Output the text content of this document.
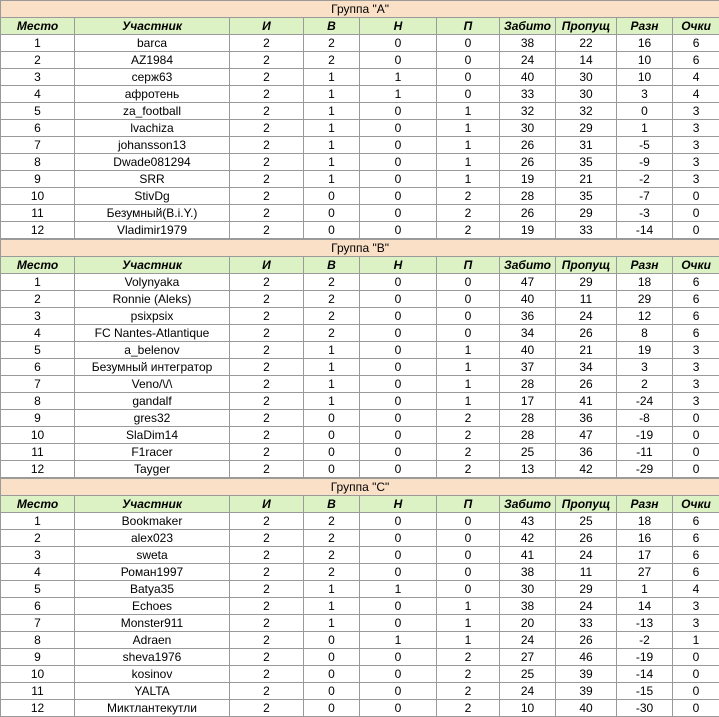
Группа "А"									
Место	Участник	И	В	Н	П	Забито	Пропущ	Разн	Очки
1	barca	2	2	0	0	38	22	16	6
2	AZ1984	2	2	0	0	24	14	10	6
3	серж63	2	1	1	0	40	30	10	4
4	афротень	2	1	1	0	33	30	3	4
5	za_football	2	1	0	1	32	32	0	3
6	lvachiza	2	1	0	1	30	29	1	3
7	johansson13	2	1	0	1	26	31	-5	3
8	Dwade081294	2	1	0	1	26	35	-9	3
9	SRR	2	1	0	1	19	21	-2	3
10	StivDg	2	0	0	2	28	35	-7	0
11	Безумный(B.i.Y.)	2	0	0	2	26	29	-3	0
12	Vladimir1979	2	0	0	2	19	33	-14	0
Группа "В"									
Место	Участник	И	В	Н	П	Забито	Пропущ	Разн	Очки
1	Volynyaka	2	2	0	0	47	29	18	6
2	Ronnie (Aleks)	2	2	0	0	40	11	29	6
3	psixpsix	2	2	0	0	36	24	12	6
4	FC Nantes-Atlantique	2	2	0	0	34	26	8	6
5	a_belenov	2	1	0	1	40	21	19	3
6	Безумный интегратор	2	1	0	1	37	34	3	3
7	Veno/\/\	2	1	0	1	28	26	2	3
8	gandalf	2	1	0	1	17	41	-24	3
9	gres32	2	0	0	2	28	36	-8	0
10	SlaDim14	2	0	0	2	28	47	-19	0
11	F1racer	2	0	0	2	25	36	-11	0
12	Tayger	2	0	0	2	13	42	-29	0
Группа "С"									
Место	Участник	И	В	Н	П	Забито	Пропущ	Разн	Очки
1	Bookmaker	2	2	0	0	43	25	18	6
2	alex023	2	2	0	0	42	26	16	6
3	sweta	2	2	0	0	41	24	17	6
4	Роман1997	2	2	0	0	38	11	27	6
5	Batya35	2	1	1	0	30	29	1	4
6	Echoes	2	1	0	1	38	24	14	3
7	Monster911	2	1	0	1	20	33	-13	3
8	Adraen	2	0	1	1	24	26	-2	1
9	sheva1976	2	0	0	2	27	46	-19	0
10	kosinov	2	0	0	2	25	39	-14	0
11	YALTA	2	0	0	2	24	39	-15	0
12	Миктлантекутли	2	0	0	2	10	40	-30	0
